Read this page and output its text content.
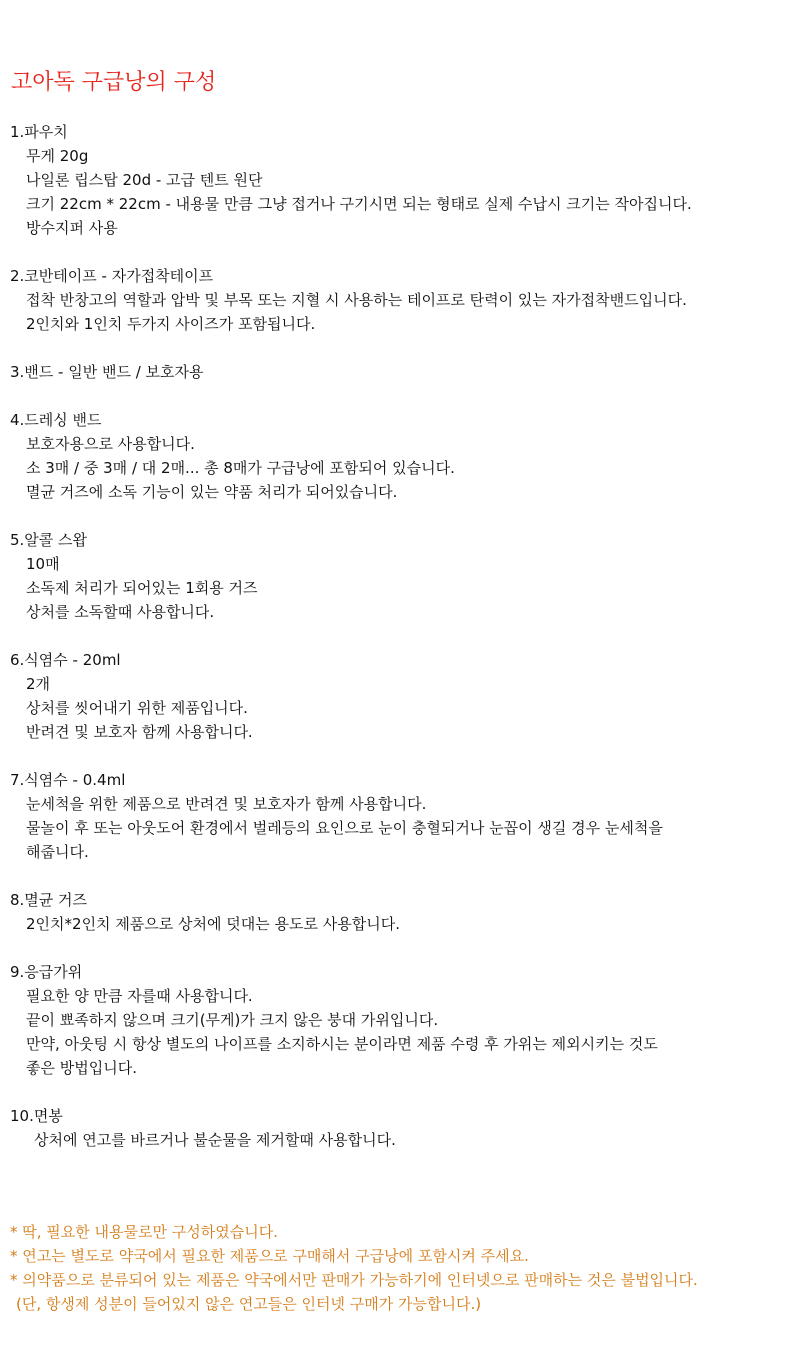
고아독 구급낭의 구성
1.파우치
무게 20g
나일론 립스탑 20d - 고급 텐트 원단
크기 22cm * 22cm - 내용물 만큼 그냥 접거나 구기시면 되는 형태로 실제 수납시 크기는 작아집니다.
방수지퍼 사용
2.코반테이프 - 자가접착테이프
접착 반창고의 역할과 압박 및 부목 또는 지혈 시 사용하는 테이프로 탄력이 있는 자가접착밴드입니다.
2인치와 1인치 두가지 사이즈가 포함됩니다.
3.밴드 - 일반 밴드 / 보호자용
4.드레싱 밴드
보호자용으로 사용합니다.
소 3매 / 중 3매 / 대 2매... 총 8매가 구급낭에 포함되어 있습니다.
멸균 거즈에 소독 기능이 있는 약품 처리가 되어있습니다.
5.알콜 스왑
10매
소독제 처리가 되어있는 1회용 거즈
상처를 소독할때 사용합니다.
6.식염수 - 20ml
2개
상처를 씻어내기 위한 제품입니다.
반려견 및 보호자 함께 사용합니다.
7.식염수 - 0.4ml
눈세척을 위한 제품으로 반려견 및 보호자가 함께 사용합니다.
물놀이 후 또는 아웃도어 환경에서 벌레등의 요인으로 눈이 충혈되거나 눈꼽이 생길 경우 눈세척을
해줍니다.
8.멸균 거즈
2인치*2인치 제품으로 상처에 덧대는 용도로 사용합니다.
9.응급가위
필요한 양 만큼 자를때 사용합니다.
끝이 뾰족하지 않으며 크기(무게)가 크지 않은 붕대 가위입니다.
만약, 아웃팅 시 항상 별도의 나이프를 소지하시는 분이라면 제품 수령 후 가위는 제외시키는 것도
좋은 방법입니다.
10.면봉
상처에 연고를 바르거나 불순물을 제거할때 사용합니다.
* 딱, 필요한 내용물로만 구성하였습니다.
* 연고는 별도로 약국에서 필요한 제품으로 구매해서 구급낭에 포함시켜 주세요.
* 의약품으로 분류되어 있는 제품은 약국에서만 판매가 가능하기에 인터넷으로 판매하는 것은 불법입니다.
(단, 항생제 성분이 들어있지 않은 연고들은 인터넷 구매가 가능합니다.)
